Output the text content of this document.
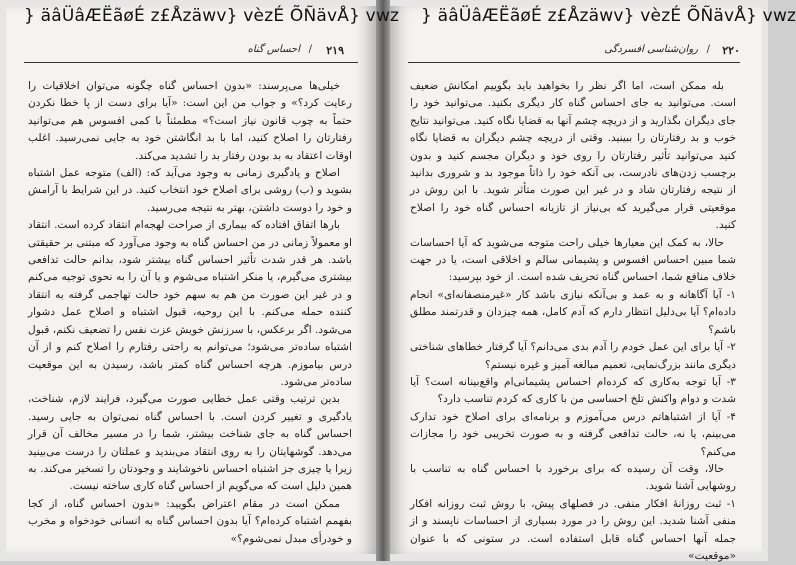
احساس گناه / ۲۱۹

خیلی‌ها می‌پرسند: «بدون احساس گناه چگونه می‌توان اخلاقیات را رعایت کرد؟» و جواب من این است: «آیا برای دست از پا خطا نکردن حتماً به چوب قانون نیاز است؟» مطمئناً با کمی افسوس هم می‌توانید رفتارتان را اصلاح کنید، اما با بد انگاشتن خود به جایی نمی‌رسید. اغلب اوقات اعتقاد به بد بودن رفتار بد را تشدید می‌کند.

اصلاح و یادگیری زمانی به وجود می‌آید که: (الف) متوجه عمل اشتباه بشوید و (ب) روشی برای اصلاح خود انتخاب کنید. در این شرایط با آرامش و خود را دوست داشتن، بهتر به نتیجه می‌رسید.

بارها اتفاق افتاده که بیماری از صراحت لهجه‌ام انتقاد کرده است. انتقاد او معمولاً زمانی در من احساس گناه به وجود می‌آورد که مبتنی بر حقیقتی باشد. هر قدر شدت تأثیر احساس گناه بیشتر شود، بدانم حالت تدافعی بیشتری می‌گیرم، یا منکر اشتباه می‌شوم و یا آن را به نحوی توجیه می‌کنم و در غیر این صورت من هم به سهم خود حالت تهاجمی گرفته به انتقاد کننده حمله می‌کنم. با این روحیه، قبول اشتباه و اصلاح عمل دشوار می‌شود. اگر برعکس، با سرزنش خویش عزت نفس را تضعیف نکنم، قبول اشتباه ساده‌تر می‌شود؛ می‌توانم به راحتی رفتارم را اصلاح کنم و از آن درس بیاموزم. هرچه احساس گناه کمتر باشد، رسیدن به این موقعیت ساده‌تر می‌شود.

بدین ترتیب وقتی عمل خطایی صورت می‌گیرد، فرایند لازم، شناخت، یادگیری و تغییر کردن است. با احساس گناه نمی‌توان به جایی رسید. احساس گناه به جای شناخت بیشتر، شما را در مسیر مخالف آن قرار می‌دهد. گوشهایتان را به روی انتقاد می‌بندید و عملتان را درست می‌بینید زیرا یا چیزی جز اشتباه احساس ناخوشایند و وجودتان را تسخیر می‌کند. به همین دلیل است که می‌گویم از احساس گناه کاری ساخته نیست.

ممکن است در مقام اعتراض بگویید: «بدون احساس گناه، از کجا بفهمم اشتباه کرده‌ام؟ آیا بدون احساس گناه به انسانی خودخواه و مخرب و خودرأی مبدل نمی‌شوم؟»

۲۲۰
/
روان‌شناسی افسردگی

بله ممکن است، اما اگر نظر را بخواهید باید بگوییم امکانش ضعیف است. می‌توانید به جای احساس گناه کار دیگری بکنید. می‌توانید خود را جای دیگران بگذارید و از دریچه چشم آنها به قضایا نگاه کنید. می‌توانید نتایج خوب و بد رفتارتان را ببینید. وقتی از دریچه چشم دیگران به قضایا نگاه کنید می‌توانید تأثیر رفتارتان را روی خود و دیگران مجسم کنید و بدون برچسب زدن‌های نادرست، بی آنکه خود را ذاتاً موجود بد و شروری بدانید از نتیجه رفتارتان شاد و در غیر این صورت متأثر شوید. با این روش در موقعیتی قرار می‌گیرید که بی‌نیاز از تازیانه احساس گناه خود را اصلاح کنید.

حالا، به کمک این معیارها خیلی راحت متوجه می‌شوید که آیا احساسات شما مبین احساس افسوس و پشیمانی سالم و اخلاقی است، یا در جهت خلاف منافع شما، احساس گناه تحریف شده است. از خود بپرسید:

۱- آیا آگاهانه و به عمد و بی‌آنکه نیازی باشد کار «غیرمنصفانه‌ای» انجام داده‌ام؟ آیا بی‌دلیل انتظار دارم که آدم کامل، همه چیزدان و قدرتمند مطلق باشم؟

۲- آیا برای این عمل خودم را آدم بدی می‌دانم؟ آیا گرفتار خطاهای شناختی دیگری مانند بزرگ‌نمایی، تعمیم مبالغه آمیز و غیره نیستم؟

۳- آیا توجه به‌کاری که کرده‌ام احساس پشیمانی‌ام واقع‌بینانه است؟ آیا شدت و دوام واکنش تلخ احساسی من با کاری که کردم تناسب دارد؟

۴- آیا از اشتباهاتم درس می‌آموزم و برنامه‌ای برای اصلاح خود تدارک می‌بینم، یا نه، حالت تدافعی گرفته و به صورت تخریبی خود را مجازات می‌کنم؟

حالا، وقت آن رسیده که برای برخورد با احساس گناه به تناسب با روشهایی آشنا شوید.

۱- ثبت روزانهٔ افکار منفی. در فصلهای پیش، با روش ثبت روزانه افکار منفی آشنا شدید. این روش را در مورد بسیاری از احساسات ناپسند و از جمله آنها احساس گناه قابل استفاده است. در ستونی که با عنوان «موقعیت»

} äâÜâÆËãøÉ z£Åzäwv} vèzÉ ÕÑävÅ} vwz } äâÜâÆËãøÉ z£Åzäwv} vèzÉ ÕÑävÅ} vwz
